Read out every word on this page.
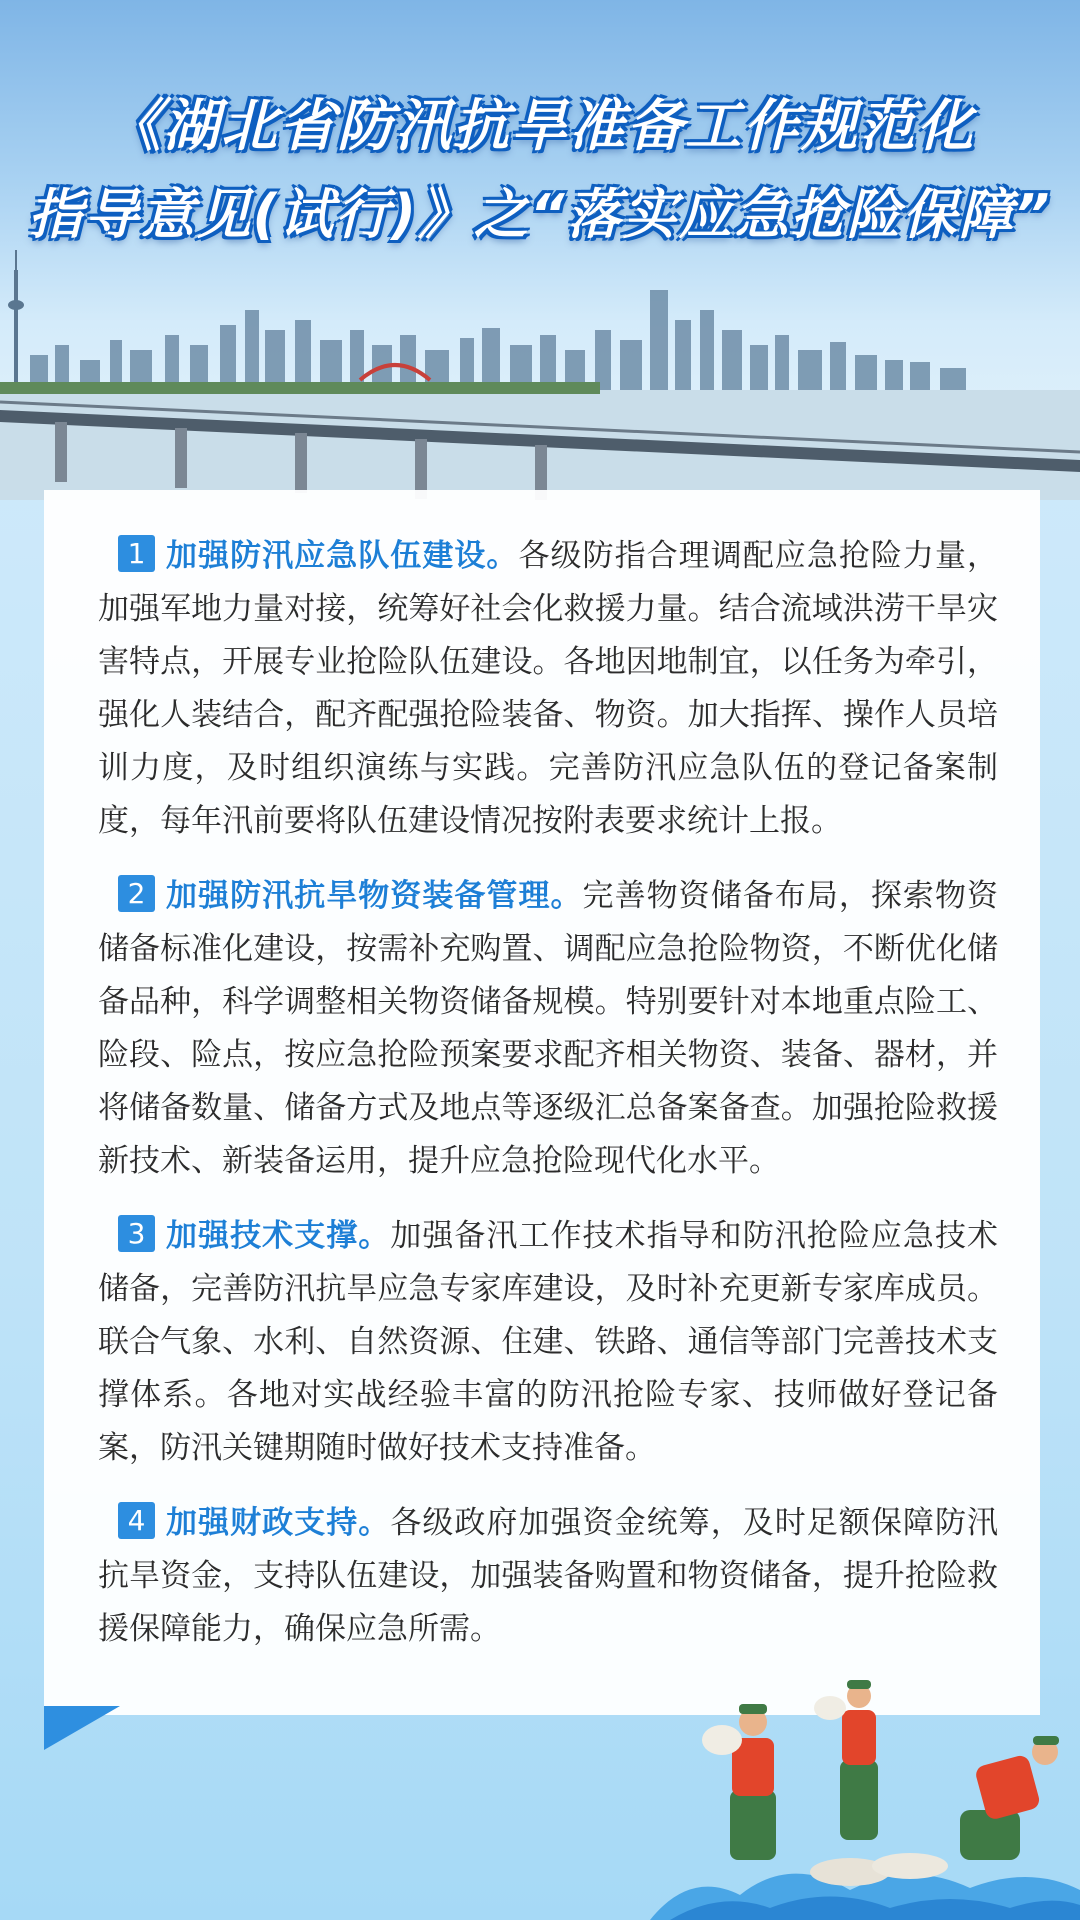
《湖北省防汛抗旱准备工作规范化
指导意见(试行)》之“落实应急抢险保障”

1 加强防汛应急队伍建设。各级防指合理调配应急抢险力量，加强军地力量对接，统筹好社会化救援力量。结合流域洪涝干旱灾害特点，开展专业抢险队伍建设。各地因地制宜，以任务为牵引，强化人装结合，配齐配强抢险装备、物资。加大指挥、操作人员培训力度，及时组织演练与实践。完善防汛应急队伍的登记备案制度，每年汛前要将队伍建设情况按附表要求统计上报。

2 加强防汛抗旱物资装备管理。完善物资储备布局，探索物资储备标准化建设，按需补充购置、调配应急抢险物资，不断优化储备品种，科学调整相关物资储备规模。特别要针对本地重点险工、险段、险点，按应急抢险预案要求配齐相关物资、装备、器材，并将储备数量、储备方式及地点等逐级汇总备案备查。加强抢险救援新技术、新装备运用，提升应急抢险现代化水平。

3 加强技术支撑。加强备汛工作技术指导和防汛抢险应急技术储备，完善防汛抗旱应急专家库建设，及时补充更新专家库成员。联合气象、水利、自然资源、住建、铁路、通信等部门完善技术支撑体系。各地对实战经验丰富的防汛抢险专家、技师做好登记备案，防汛关键期随时做好技术支持准备。

4 加强财政支持。各级政府加强资金统筹，及时足额保障防汛抗旱资金，支持队伍建设，加强装备购置和物资储备，提升抢险救援保障能力，确保应急所需。
